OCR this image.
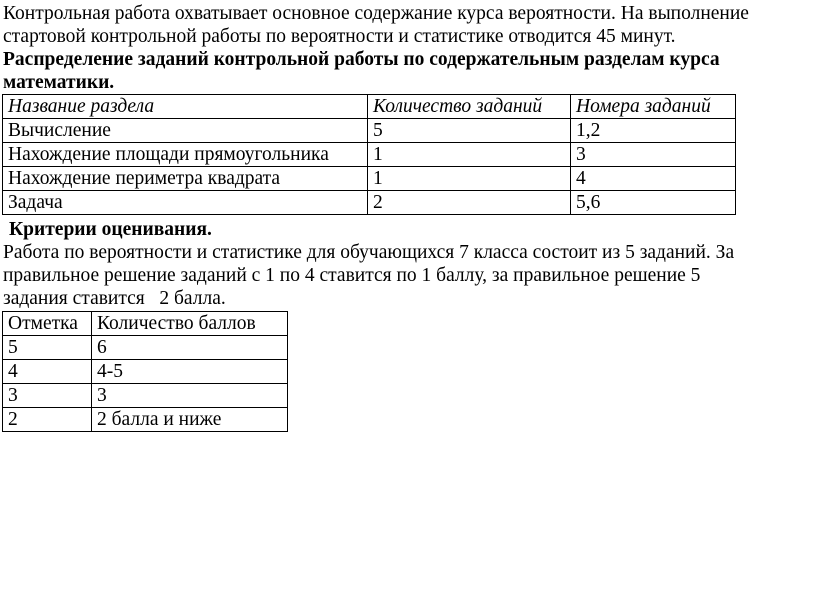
Контрольная работа охватывает основное содержание курса вероятности. На выполнение

стартовой контрольной работы по вероятности и статистике отводится 45 минут.

Распределение заданий контрольной работы по содержательным разделам курса

математики.

Название раздела	Количество заданий	Номера заданий
Вычисление	5	1,2
Нахождение площади прямоугольника	1	3
Нахождение периметра квадрата	1	4
Задача	2	5,6

Критерии оценивания.

Работа по вероятности и статистике для обучающихся 7 класса состоит из 5 заданий. За

правильное решение заданий с 1 по 4 ставится по 1 баллу, за правильное решение 5

задания ставится   2 балла.

Отметка	Количество баллов
5	6
4	4-5
3	3
2	2 балла и ниже
